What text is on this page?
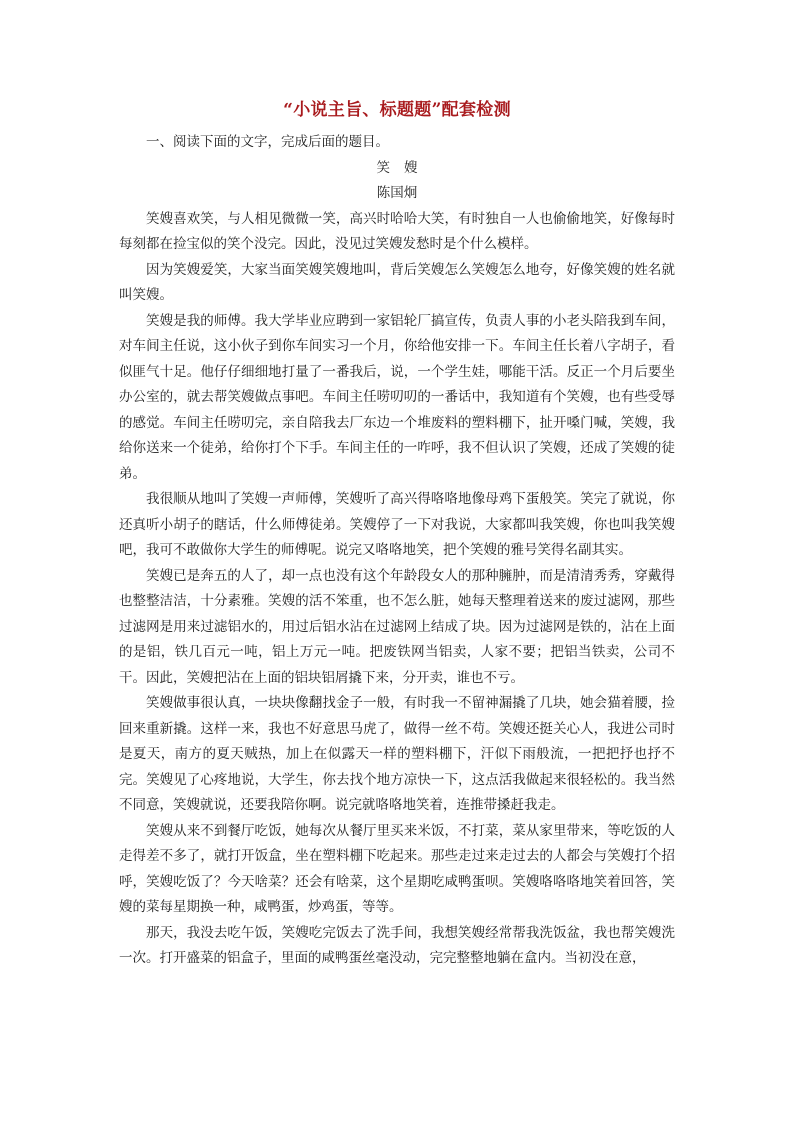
“小说主旨、标题题”配套检测

一、阅读下面的文字，完成后面的题目。

笑嫂

陈国炯

笑嫂喜欢笑，与人相见微微一笑，高兴时哈哈大笑，有时独自一人也偷偷地笑，好像每时每刻都在捡宝似的笑个没完。因此，没见过笑嫂发愁时是个什么模样。

因为笑嫂爱笑，大家当面笑嫂笑嫂地叫，背后笑嫂怎么笑嫂怎么地夸，好像笑嫂的姓名就叫笑嫂。

笑嫂是我的师傅。我大学毕业应聘到一家铝轮厂搞宣传，负责人事的小老头陪我到车间，对车间主任说，这小伙子到你车间实习一个月，你给他安排一下。车间主任长着八字胡子，看似匪气十足。他仔仔细细地打量了一番我后，说，一个学生娃，哪能干活。反正一个月后要坐办公室的，就去帮笑嫂做点事吧。车间主任唠叨叨的一番话中，我知道有个笑嫂，也有些受辱的感觉。车间主任唠叨完，亲自陪我去厂东边一个堆废料的塑料棚下，扯开嗓门喊，笑嫂，我给你送来一个徒弟，给你打个下手。车间主任的一咋呼，我不但认识了笑嫂，还成了笑嫂的徒弟。

我很顺从地叫了笑嫂一声师傅，笑嫂听了高兴得咯咯地像母鸡下蛋般笑。笑完了就说，你还真听小胡子的瞎话，什么师傅徒弟。笑嫂停了一下对我说，大家都叫我笑嫂，你也叫我笑嫂吧，我可不敢做你大学生的师傅呢。说完又咯咯地笑，把个笑嫂的雅号笑得名副其实。

笑嫂已是奔五的人了，却一点也没有这个年龄段女人的那种臃肿，而是清清秀秀，穿戴得也整整洁洁，十分素雅。笑嫂的活不笨重，也不怎么脏，她每天整理着送来的废过滤网，那些过滤网是用来过滤铝水的，用过后铝水沾在过滤网上结成了块。因为过滤网是铁的，沾在上面的是铝，铁几百元一吨，铝上万元一吨。把废铁网当铝卖，人家不要；把铝当铁卖，公司不干。因此，笑嫂把沾在上面的铝块铝屑撬下来，分开卖，谁也不亏。

笑嫂做事很认真，一块块像翻找金子一般，有时我一不留神漏撬了几块，她会猫着腰，捡回来重新撬。这样一来，我也不好意思马虎了，做得一丝不苟。笑嫂还挺关心人，我进公司时是夏天，南方的夏天贼热，加上在似露天一样的塑料棚下，汗似下雨般流，一把把抒也抒不完。笑嫂见了心疼地说，大学生，你去找个地方凉快一下，这点活我做起来很轻松的。我当然不同意，笑嫂就说，还要我陪你啊。说完就咯咯地笑着，连推带搡赶我走。

笑嫂从来不到餐厅吃饭，她每次从餐厅里买来米饭，不打菜，菜从家里带来，等吃饭的人走得差不多了，就打开饭盒，坐在塑料棚下吃起来。那些走过来走过去的人都会与笑嫂打个招呼，笑嫂吃饭了？今天啥菜？还会有啥菜，这个星期吃咸鸭蛋呗。笑嫂咯咯咯地笑着回答，笑嫂的菜每星期换一种，咸鸭蛋，炒鸡蛋，等等。

那天，我没去吃午饭，笑嫂吃完饭去了洗手间，我想笑嫂经常帮我洗饭盆，我也帮笑嫂洗一次。打开盛菜的铝盒子，里面的咸鸭蛋丝毫没动，完完整整地躺在盒内。当初没在意，
